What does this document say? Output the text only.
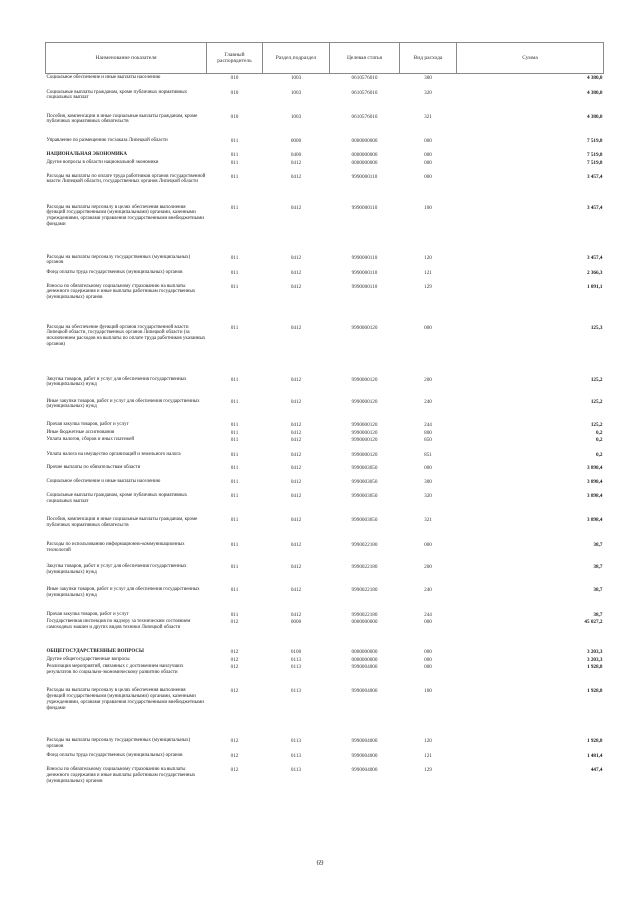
Наименование показателя	Главный распорядитель	Раздел,подраздел	Целевая статья	Вид расхода	Сумма
Социальное обеспечение и иные выплаты населению	010	1003	0610576010	300	4 380,0
Социальные выплаты гражданам, кроме публичных нормативных социальных выплат	010	1003	0610576010	320	4 380,0
Пособия, компенсации и иные социальные выплаты гражданам, кроме публичных нормативных обязательств	010	1003	0610576010	321	4 380,0
Управление по размещению госзаказа Липецкой области	011	0000	0000000000	000	7 519,8
НАЦИОНАЛЬНАЯ ЭКОНОМИКА	011	0400	0000000000	000	7 519,8
Другие вопросы в области национальной экономики	011	0412	0000000000	000	7 519,8
Расходы на выплаты по оплате труда работников органов государственной власти Липецкой области, государственных органов Липецкой области	011	0412	9990000110	000	3 457,4
Расходы на выплаты персоналу в целях обеспечения выполнения функций государственными (муниципальными) органами, казенными учреждениями, органами управления государственными внебюджетными фондами	011	0412	9990000110	100	3 457,4
Расходы на выплаты персоналу государственных (муниципальных) органов	011	0412	9990000110	120	3 457,4
Фонд оплаты труда государственных (муниципальных) органов	011	0412	9990000110	121	2 366,3
Взносы по обязательному социальному страхованию на выплаты денежного содержания и иные выплаты работникам государственных (муниципальных) органов	011	0412	9990000110	129	1 091,1
Расходы на обеспечение функций органов государственной власти Липецкой области, государственных органов Липецкой области (за исключением расходов на выплаты по оплате труда работников указанных органов)	011	0412	9990000120	000	125,3
Закупка товаров, работ и услуг для обеспечения государственных (муниципальных) нужд	011	0412	9990000120	200	125,2
Иные закупки товаров, работ и услуг для обеспечения государственных (муниципальных) нужд	011	0412	9990000120	240	125,2
Прочая закупка товаров, работ и услуг	011	0412	9990000120	244	125,2
Иные бюджетные ассигнования	011	0412	9990000120	800	0,2
Уплата налогов, сборов и иных платежей	011	0412	9990000120	850	0,2
Уплата налога на имущество организаций и земельного налога	011	0412	9990000120	851	0,2
Прочие выплаты по обязательствам области	011	0412	9990003050	000	3 898,4
Социальное обеспечение и иные выплаты населению	011	0412	9990003050	300	3 898,4
Социальные выплаты гражданам, кроме публичных нормативных социальных выплат	011	0412	9990003050	320	3 898,4
Пособия, компенсации и иные социальные выплаты гражданам, кроме публичных нормативных обязательств	011	0412	9990003050	321	3 898,4
Расходы по использованию информационно-коммуникационных технологий	011	0412	9990022180	000	38,7
Закупка товаров, работ и услуг для обеспечения государственных (муниципальных) нужд	011	0412	9990022180	200	38,7
Иные закупки товаров, работ и услуг для обеспечения государственных (муниципальных) нужд	011	0412	9990022180	240	38,7
Прочая закупка товаров, работ и услуг	011	0412	9990022180	244	38,7
Государственная инспекция по надзору за техническим состоянием самоходных машин и других видов техники Липецкой области	012	0000	0000000000	000	45 027,2
ОБЩЕГОСУДАРСТВЕННЫЕ ВОПРОСЫ	012	0100	0000000000	000	3 203,3
Другие общегосударственные вопросы	012	0113	0000000000	000	3 203,3
Реализация мероприятий, связанных с достижением наилучших результатов по социально-экономическому развитию области	012	0113	9990004000	000	1 928,8
Расходы на выплаты персоналу в целях обеспечения выполнения функций государственными (муниципальными) органами, казенными учреждениями, органами управления государственными внебюджетными фондами	012	0113	9990004000	100	1 928,8
Расходы на выплаты персоналу государственных (муниципальных) органов	012	0113	9990004000	120	1 928,8
Фонд оплаты труда государственных (муниципальных) органов	012	0113	9990004000	121	1 481,4
Взносы по обязательному социальному страхованию на выплаты денежного содержания и иные выплаты работникам государственных (муниципальных) органов	012	0113	9990004000	129	447,4
69
